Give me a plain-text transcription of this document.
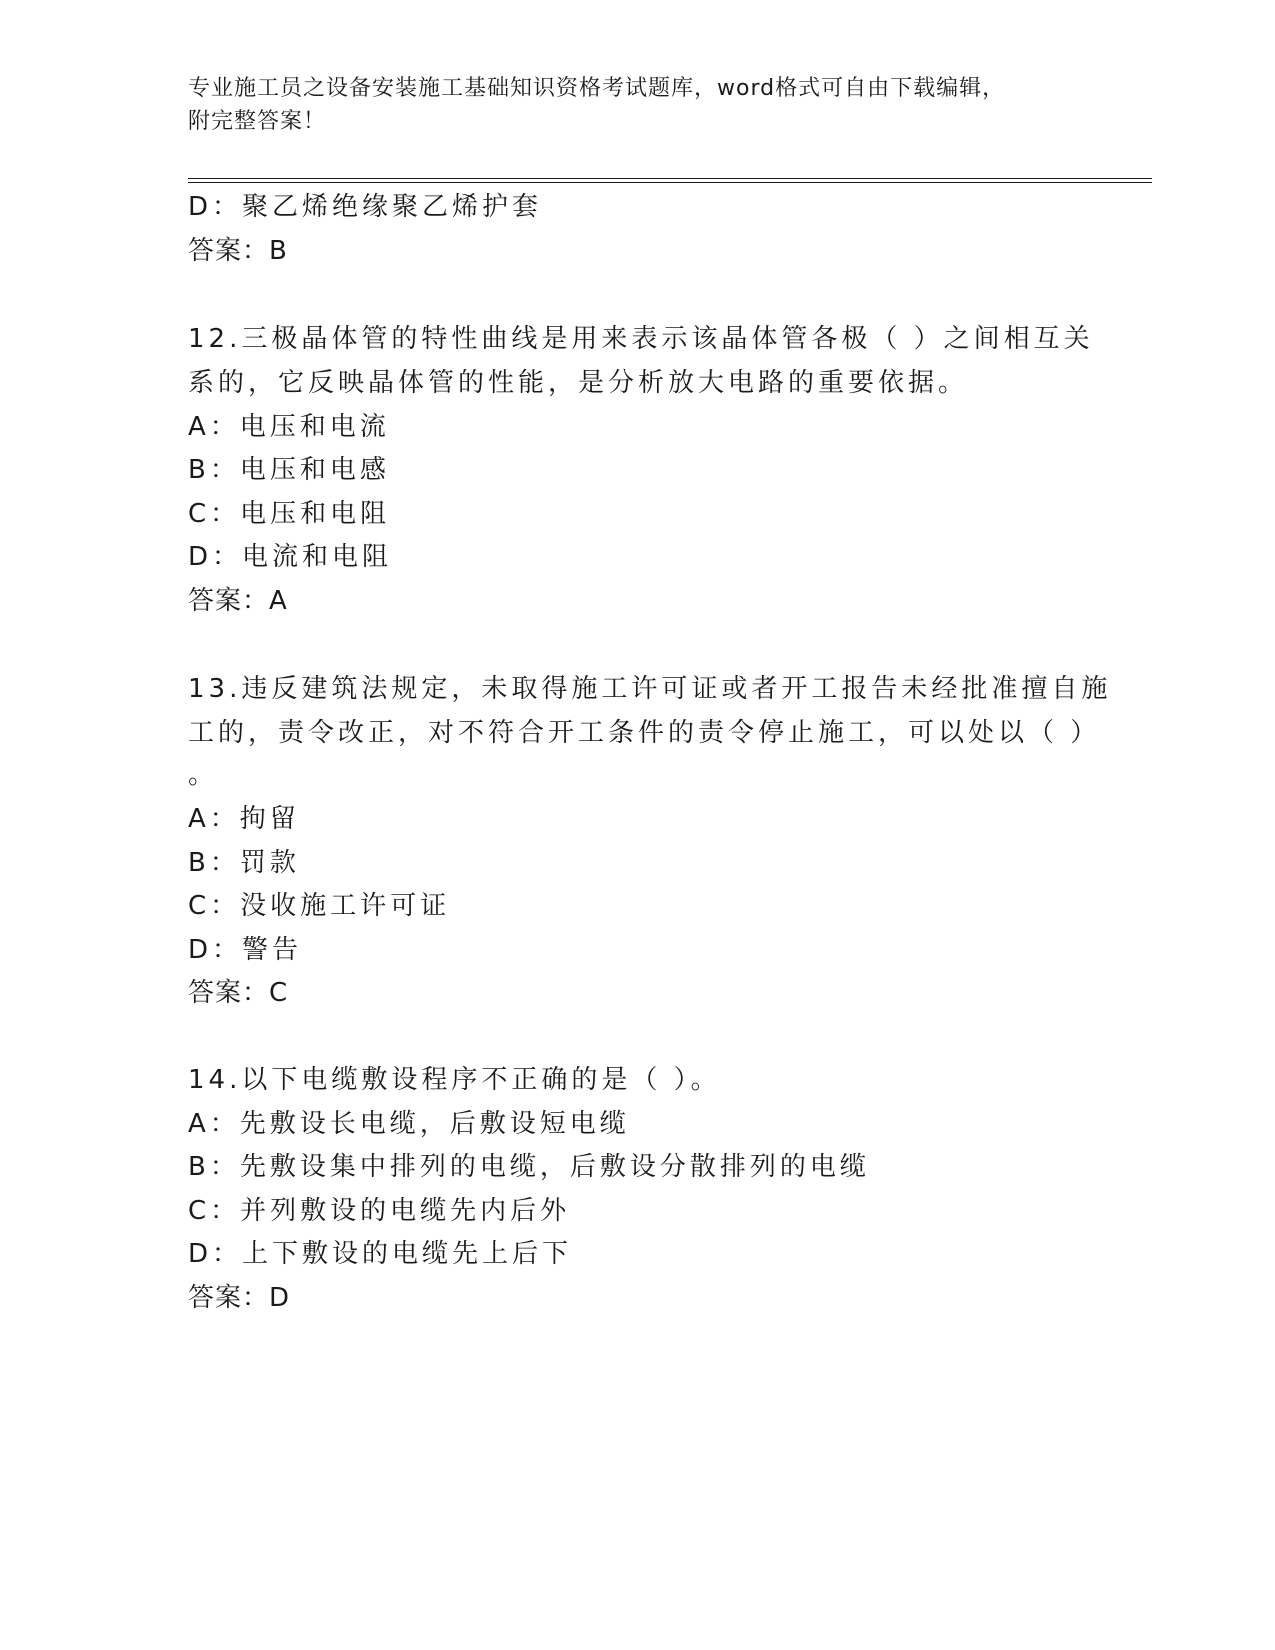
专业施工员之设备安装施工基础知识资格考试题库，word格式可自由下载编辑，
附完整答案！
D：聚乙烯绝缘聚乙烯护套
答案：B
12.三极晶体管的特性曲线是用来表示该晶体管各极（ ）之间相互关
系的，它反映晶体管的性能，是分析放大电路的重要依据。
A：电压和电流
B：电压和电感
C：电压和电阻
D：电流和电阻
答案：A
13.违反建筑法规定，未取得施工许可证或者开工报告未经批准擅自施
工的，责令改正，对不符合开工条件的责令停止施工，可以处以（ ）
。
A：拘留
B：罚款
C：没收施工许可证
D：警告
答案：C
14.以下电缆敷设程序不正确的是（ ）。
A：先敷设长电缆，后敷设短电缆
B：先敷设集中排列的电缆，后敷设分散排列的电缆
C：并列敷设的电缆先内后外
D：上下敷设的电缆先上后下
答案：D
